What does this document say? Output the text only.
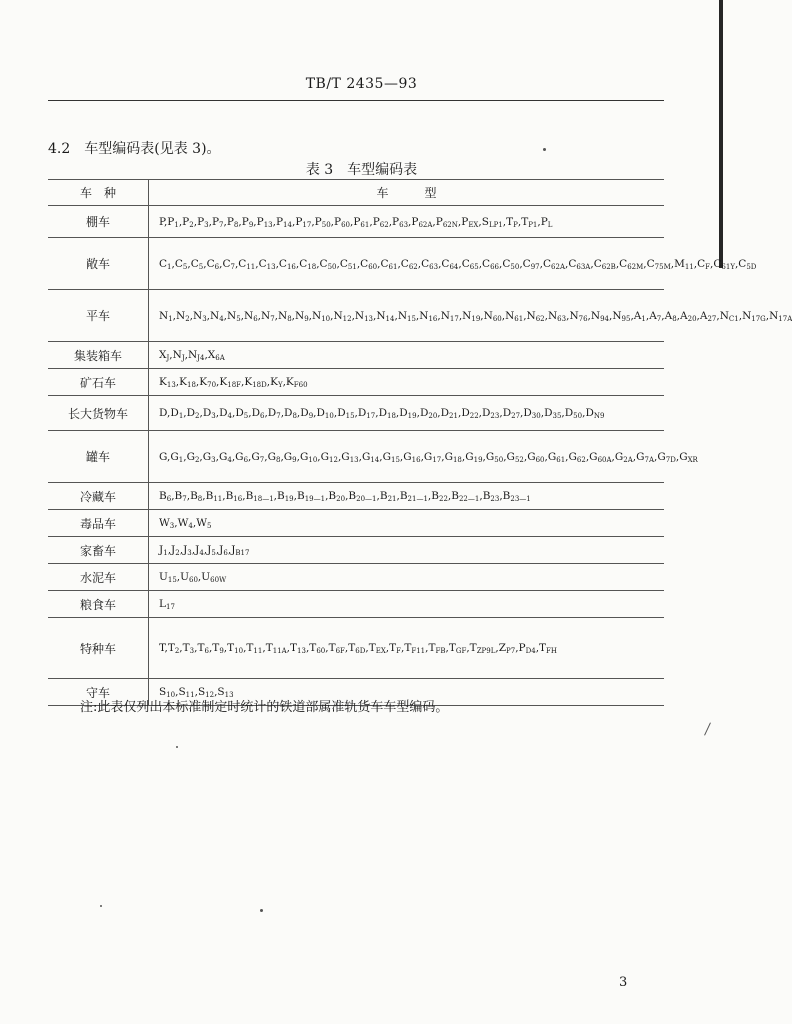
TB/T 2435—93
4.2　车型编码表(见表 3)。
表 3　车型编码表
车　种	车　　　型
棚车	$P,P_1,P_2,P_3,P_7,P_8,P_9,P_{13},P_{14},P_{17},P_{50},P_{60},P_{61},P_{62},P_{63},P_{62A},P_{62N},P_{EX},S_{LP1},T_P,T_{P1},P_L$
敞车	$C_1,C_5,C_5,C_6,C_7,C_{11},C_{13},C_{16},C_{18},C_{50},C_{51},C_{60},C_{61},C_{62},C_{63},C_{64},C_{65},C_{66},C_{50},C_{97},C_{62A},C_{63A},C_{62B},C_{62M},C_{75M},M_{11},C_F,C_{61Y},C_{5D}$
平车	$N_1,N_2,N_3,N_4,N_5,N_6,N_7,N_8,N_9,N_{10},N_{12},N_{13},N_{14},N_{15},N_{16},N_{17},N_{19},N_{60},N_{61},N_{62},N_{63},N_{76},N_{94},N_{95},A_1,A_7,A_8,A_{20},A_{27},N_{C1},N_{17G},N_{17A}$
集装箱车	$X_J,N_J,N_{J4},X_{6A}$
矿石车	$K_{13},K_{18},K_{70},K_{18F},K_{18D},K_Y,K_{F60}$
长大货物车	$D,D_1,D_2,D_3,D_4,D_5,D_6,D_7,D_8,D_9,D_{10},D_{15},D_{17},D_{18},D_{19},D_{20},D_{21},D_{22},D_{23},D_{27},D_{30},D_{35},D_{50},D_{N9}$
罐车	$G,G_1,G_2,G_3,G_4,G_6,G_7,G_8,G_9,G_{10},G_{12},G_{13},G_{14},G_{15},G_{16},G_{17},G_{18},G_{19},G_{50},G_{52},G_{60},G_{61},G_{62},G_{60A},G_{2A},G_{7A},G_{7D},G_{XR}$
冷藏车	$B_6,B_7,B_8,B_{11},B_{16},B_{18—1},B_{19},B_{19—1},B_{20},B_{20—1},B_{21},B_{21—1},B_{22},B_{22—1},B_{23},B_{23—1}$
毒品车	$W_3,W_4,W_5$
家畜车	$J_1,J_2,J_3,J_4,J_5,J_6,J_{B17}$
水泥车	$U_{15},U_{60},U_{60W}$
粮食车	$L_{17}$
特种车	$T,T_2,T_3,T_6,T_9,T_{10},T_{11},T_{11A},T_{13},T_{60},T_{6F},T_{6D},T_{EX},T_F,T_{F11},T_{FB},T_{GF},T_{ZP9L},Z_{P7},P_{D4},T_{FH}$
守车	$S_{10},S_{11},S_{12},S_{13}$
注:此表仅列出本标准制定时统计的铁道部属准轨货车车型编码。
3
